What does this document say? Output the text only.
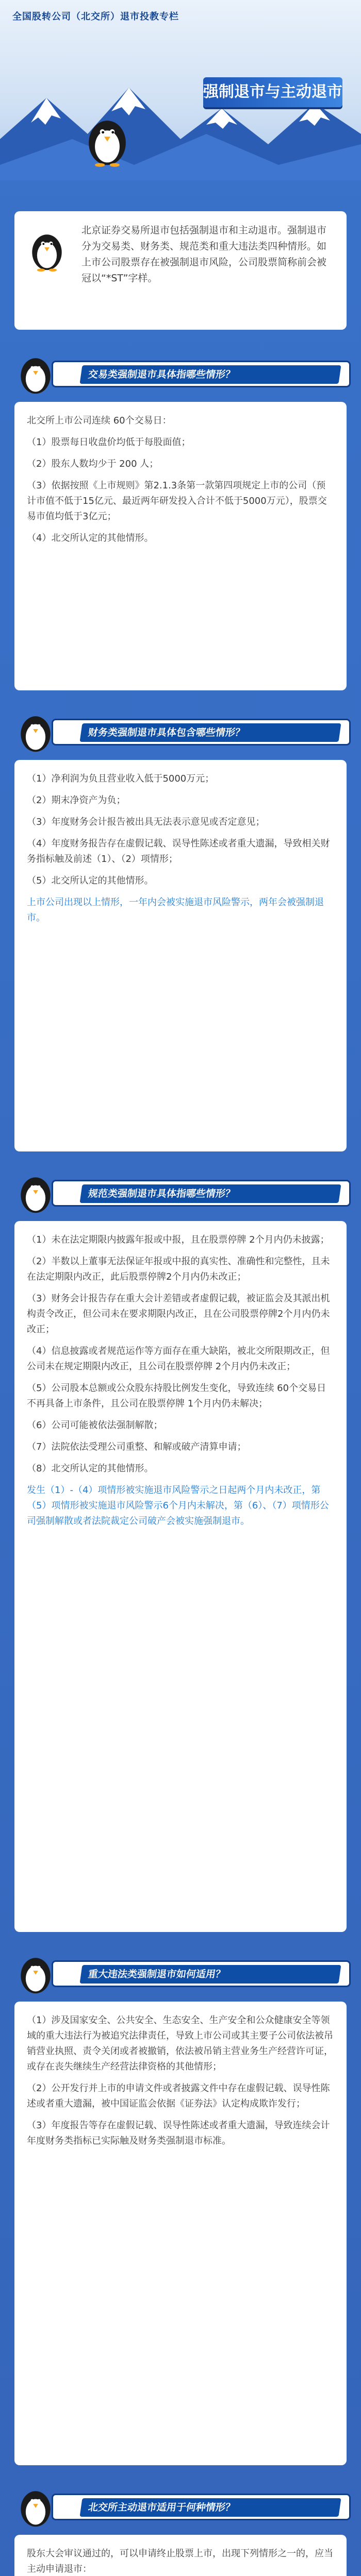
全国股转公司（北交所）退市投教专栏
强制退市与主动退市
北京证券交易所退市包括强制退市和主动退市。强制退市分为交易类、财务类、规范类和重大违法类四种情形。如上市公司股票存在被强制退市风险，公司股票简称前会被冠以“*ST”字样。
交易类强制退市具体指哪些情形？

北交所上市公司连续 60个交易日：

（1）股票每日收盘价均低于每股面值；

（2）股东人数均少于 200 人；

（3）依据按照《上市规则》第2.1.3条第一款第四项规定上市的公司（预计市值不低于15亿元、最近两年研发投入合计不低于5000万元），股票交易市值均低于3亿元；

（4）北交所认定的其他情形。

财务类强制退市具体包含哪些情形？

（1）净利润为负且营业收入低于5000万元；

（2）期末净资产为负；

（3）年度财务会计报告被出具无法表示意见或否定意见；

（4）年度财务报告存在虚假记载、误导性陈述或者重大遗漏，导致相关财务指标触及前述（1）、（2）项情形；

（5）北交所认定的其他情形。

上市公司出现以上情形，一年内会被实施退市风险警示，两年会被强制退市。

规范类强制退市具体指哪些情形？

（1）未在法定期限内披露年报或中报，且在股票停牌 2个月内仍未披露；

（2）半数以上董事无法保证年报或中报的真实性、准确性和完整性，且未在法定期限内改正，此后股票停牌2个月内仍未改正；

（3）财务会计报告存在重大会计差错或者虚假记载，被证监会及其派出机构责令改正，但公司未在要求期限内改正，且在公司股票停牌2个月内仍未改正；

（4）信息披露或者规范运作等方面存在重大缺陷，被北交所限期改正，但公司未在规定期限内改正，且公司在股票停牌 2个月内仍未改正；

（5）公司股本总额或公众股东持股比例发生变化，导致连续 60个交易日不再具备上市条件，且公司在股票停牌 1个月内仍未解决；

（6）公司可能被依法强制解散；

（7）法院依法受理公司重整、和解或破产清算申请；

（8）北交所认定的其他情形。

发生（1）-（4）项情形被实施退市风险警示之日起两个月内未改正，第（5）项情形被实施退市风险警示6个月内未解决，第（6）、（7）项情形公司强制解散或者法院裁定公司破产会被实施强制退市。

重大违法类强制退市如何适用？

（1）涉及国家安全、公共安全、生态安全、生产安全和公众健康安全等领域的重大违法行为被追究法律责任，导致上市公司或其主要子公司依法被吊销营业执照、责令关闭或者被撤销，依法被吊销主营业务生产经营许可证，或存在丧失继续生产经营法律资格的其他情形；

（2）公开发行并上市的申请文件或者披露文件中存在虚假记载、误导性陈述或者重大遗漏，被中国证监会依据《证券法》认定构成欺诈发行；

（3）年度报告等存在虚假记载、误导性陈述或者重大遗漏，导致连续会计年度财务类指标已实际触及财务类强制退市标准。

北交所主动退市适用于何种情形？

股东大会审议通过的，可以申请终止股票上市，出现下列情形之一的，应当主动申请退市：
